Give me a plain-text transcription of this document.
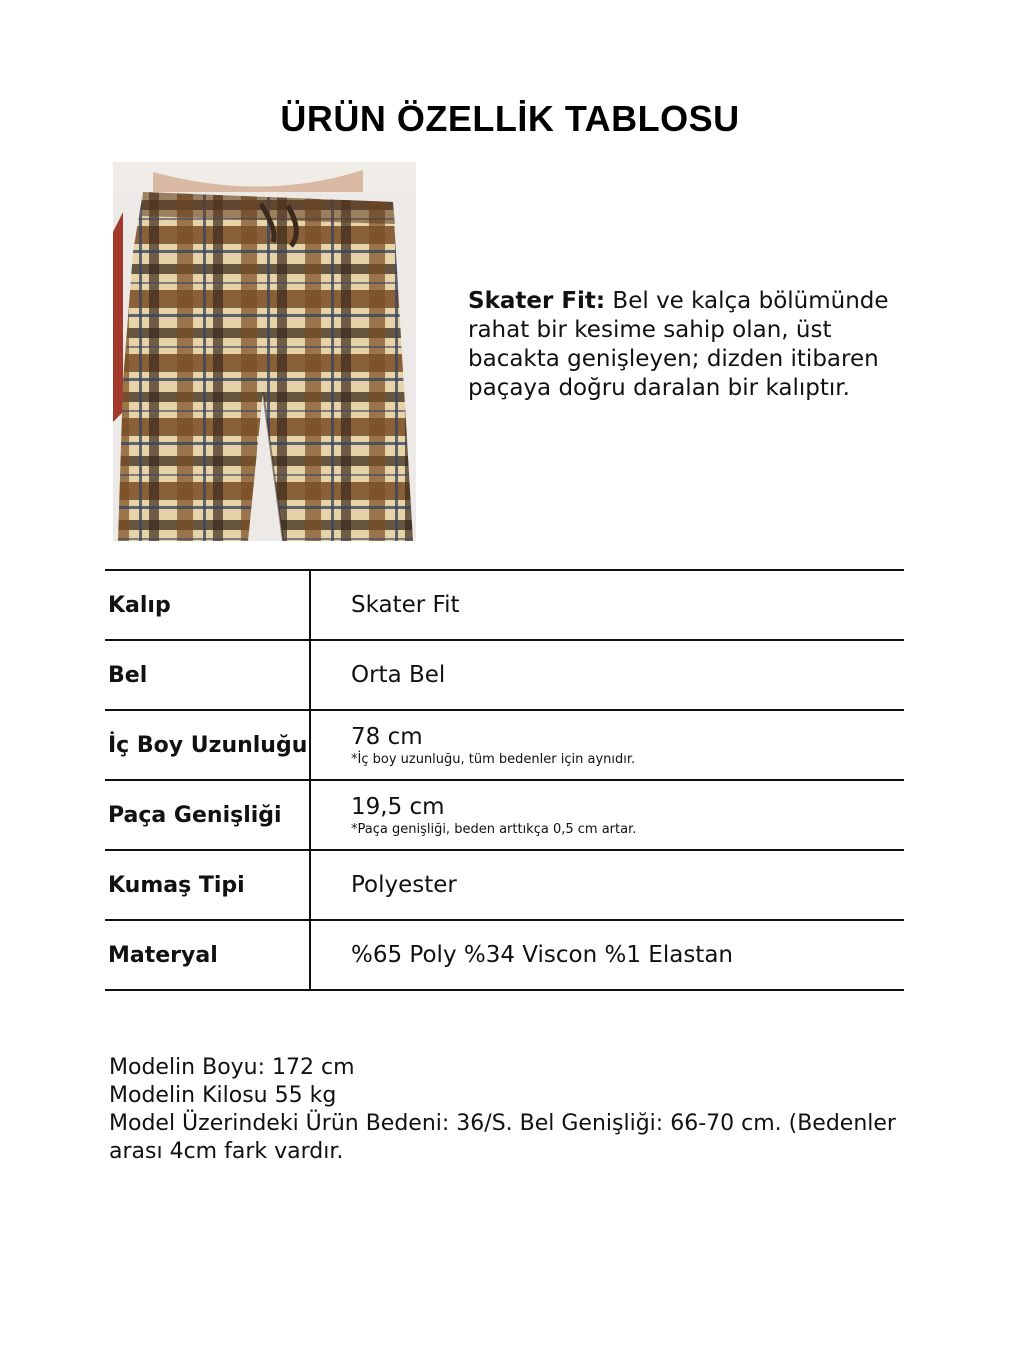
ÜRÜN ÖZELLİK TABLOSU
Skater Fit: Bel ve kalça bölümünde rahat bir kesime sahip olan, üst bacakta genişleyen; dizden itibaren paçaya doğru daralan bir kalıptır.
Kalıp	Skater Fit
Bel	Orta Bel
İç Boy Uzunluğu	78 cm
*İç boy uzunluğu, tüm bedenler için aynıdır.

Paça Genişliği	19,5 cm
*Paça genişliği, beden arttıkça 0,5 cm artar.

Kumaş Tipi	Polyester
Materyal	%65 Poly %34 Viscon %1 Elastan
Modelin Boyu: 172 cm
Modelin Kilosu 55 kg
Model Üzerindeki Ürün Bedeni: 36/S. Bel Genişliği: 66-70 cm. (Bedenler arası 4cm fark vardır.
